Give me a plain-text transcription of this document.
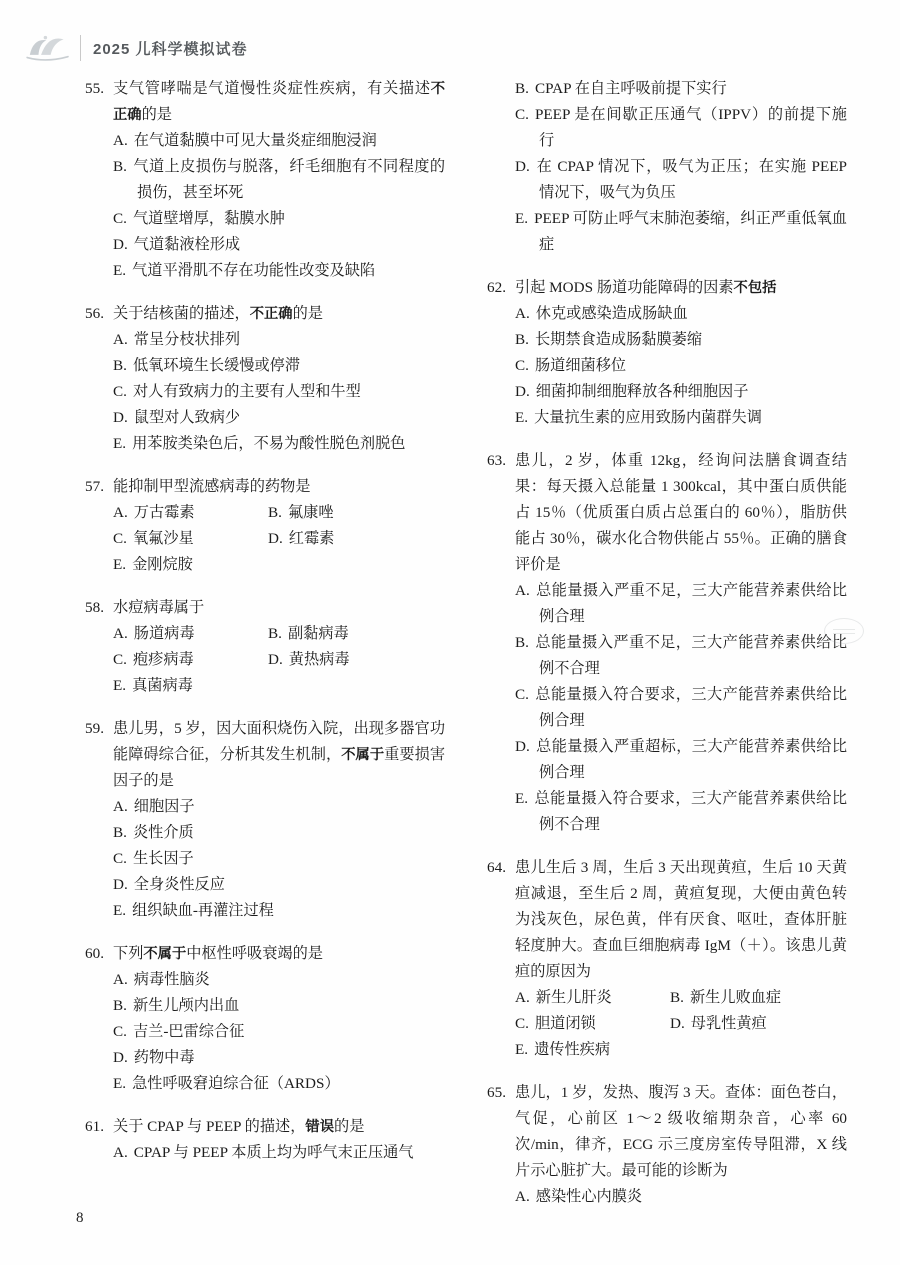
2025 儿科学模拟试卷
55. 支气管哮喘是气道慢性炎症性疾病，有关描述不正确的是
A. 在气道黏膜中可见大量炎症细胞浸润
B. 气道上皮损伤与脱落，纤毛细胞有不同程度的损伤，甚至坏死
C. 气道壁增厚，黏膜水肿
D. 气道黏液栓形成
E. 气道平滑肌不存在功能性改变及缺陷
56. 关于结核菌的描述，不正确的是
A. 常呈分枝状排列
B. 低氧环境生长缓慢或停滞
C. 对人有致病力的主要有人型和牛型
D. 鼠型对人致病少
E. 用苯胺类染色后，不易为酸性脱色剂脱色
57. 能抑制甲型流感病毒的药物是
A. 万古霉素	B. 氟康唑
C. 氧氟沙星	D. 红霉素
E. 金刚烷胺
58. 水痘病毒属于
A. 肠道病毒	B. 副黏病毒
C. 疱疹病毒	D. 黄热病毒
E. 真菌病毒
59. 患儿男，5 岁，因大面积烧伤入院，出现多器官功能障碍综合征，分析其发生机制，不属于重要损害因子的是
A. 细胞因子
B. 炎性介质
C. 生长因子
D. 全身炎性反应
E. 组织缺血-再灌注过程
60. 下列不属于中枢性呼吸衰竭的是
A. 病毒性脑炎
B. 新生儿颅内出血
C. 吉兰-巴雷综合征
D. 药物中毒
E. 急性呼吸窘迫综合征（ARDS）
61. 关于 CPAP 与 PEEP 的描述，错误的是
A. CPAP 与 PEEP 本质上均为呼气末正压通气
B. CPAP 在自主呼吸前提下实行
C. PEEP 是在间歇正压通气（IPPV）的前提下施行
D. 在 CPAP 情况下，吸气为正压；在实施 PEEP 情况下，吸气为负压
E. PEEP 可防止呼气末肺泡萎缩，纠正严重低氧血症
62. 引起 MODS 肠道功能障碍的因素不包括
A. 休克或感染造成肠缺血
B. 长期禁食造成肠黏膜萎缩
C. 肠道细菌移位
D. 细菌抑制细胞释放各种细胞因子
E. 大量抗生素的应用致肠内菌群失调
63. 患儿，2 岁，体重 12kg，经询问法膳食调查结果：每天摄入总能量 1 300kcal，其中蛋白质供能占 15％（优质蛋白质占总蛋白的 60％），脂肪供能占 30％，碳水化合物供能占 55％。正确的膳食评价是
A. 总能量摄入严重不足，三大产能营养素供给比例合理
B. 总能量摄入严重不足，三大产能营养素供给比例不合理
C. 总能量摄入符合要求，三大产能营养素供给比例合理
D. 总能量摄入严重超标，三大产能营养素供给比例合理
E. 总能量摄入符合要求，三大产能营养素供给比例不合理
64. 患儿生后 3 周，生后 3 天出现黄疸，生后 10 天黄疸减退，至生后 2 周，黄疸复现，大便由黄色转为浅灰色，尿色黄，伴有厌食、呕吐，查体肝脏轻度肿大。查血巨细胞病毒 IgM（＋）。该患儿黄疸的原因为
A. 新生儿肝炎	B. 新生儿败血症
C. 胆道闭锁	D. 母乳性黄疸
E. 遗传性疾病
65. 患儿，1 岁，发热、腹泻 3 天。查体：面色苍白，气促，心前区 1～2 级收缩期杂音，心率 60 次/min，律齐，ECG 示三度房室传导阻滞，X 线片示心脏扩大。最可能的诊断为
A. 感染性心内膜炎
8
